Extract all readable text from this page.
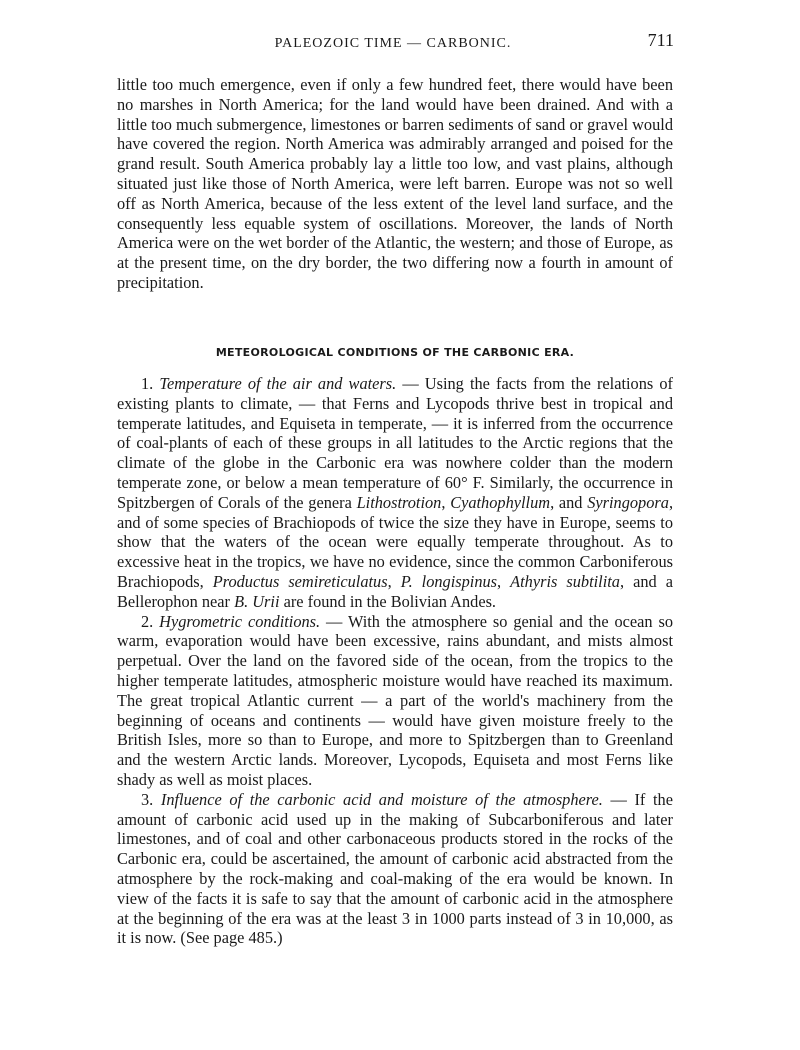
PALEOZOIC TIME — CARBONIC.	711

little too much emergence, even if only a few hundred feet, there would have been no marshes in North America; for the land would have been drained. And with a little too much submergence, limestones or barren sediments of sand or gravel would have covered the region. North America was admirably arranged and poised for the grand result. South America probably lay a little too low, and vast plains, although situated just like those of North America, were left barren. Europe was not so well off as North America, because of the less extent of the level land surface, and the consequently less equable system of oscillations. Moreover, the lands of North America were on the wet border of the Atlantic, the western; and those of Europe, as at the present time, on the dry border, the two differing now a fourth in amount of precipitation.

METEOROLOGICAL CONDITIONS OF THE CARBONIC ERA.

1. Temperature of the air and waters. — Using the facts from the relations of existing plants to climate, — that Ferns and Lycopods thrive best in tropical and temperate latitudes, and Equiseta in temperate, — it is inferred from the occurrence of coal-plants of each of these groups in all latitudes to the Arctic regions that the climate of the globe in the Carbonic era was nowhere colder than the modern temperate zone, or below a mean temperature of 60° F. Similarly, the occurrence in Spitzbergen of Corals of the genera Lithostrotion, Cyathophyllum, and Syringopora, and of some species of Brachiopods of twice the size they have in Europe, seems to show that the waters of the ocean were equally temperate throughout. As to excessive heat in the tropics, we have no evidence, since the common Carboniferous Brachiopods, Productus semireticulatus, P. longispinus, Athyris subtilita, and a Bellerophon near B. Urii are found in the Bolivian Andes.

2. Hygrometric conditions. — With the atmosphere so genial and the ocean so warm, evaporation would have been excessive, rains abundant, and mists almost perpetual. Over the land on the favored side of the ocean, from the tropics to the higher temperate latitudes, atmospheric moisture would have reached its maximum. The great tropical Atlantic current — a part of the world's machinery from the beginning of oceans and continents — would have given moisture freely to the British Isles, more so than to Europe, and more to Spitzbergen than to Greenland and the western Arctic lands. Moreover, Lycopods, Equiseta and most Ferns like shady as well as moist places.

3. Influence of the carbonic acid and moisture of the atmosphere. — If the amount of carbonic acid used up in the making of Subcarboniferous and later limestones, and of coal and other carbonaceous products stored in the rocks of the Carbonic era, could be ascertained, the amount of carbonic acid abstracted from the atmosphere by the rock-making and coal-making of the era would be known. In view of the facts it is safe to say that the amount of carbonic acid in the atmosphere at the beginning of the era was at the least 3 in 1000 parts instead of 3 in 10,000, as it is now. (See page 485.)
